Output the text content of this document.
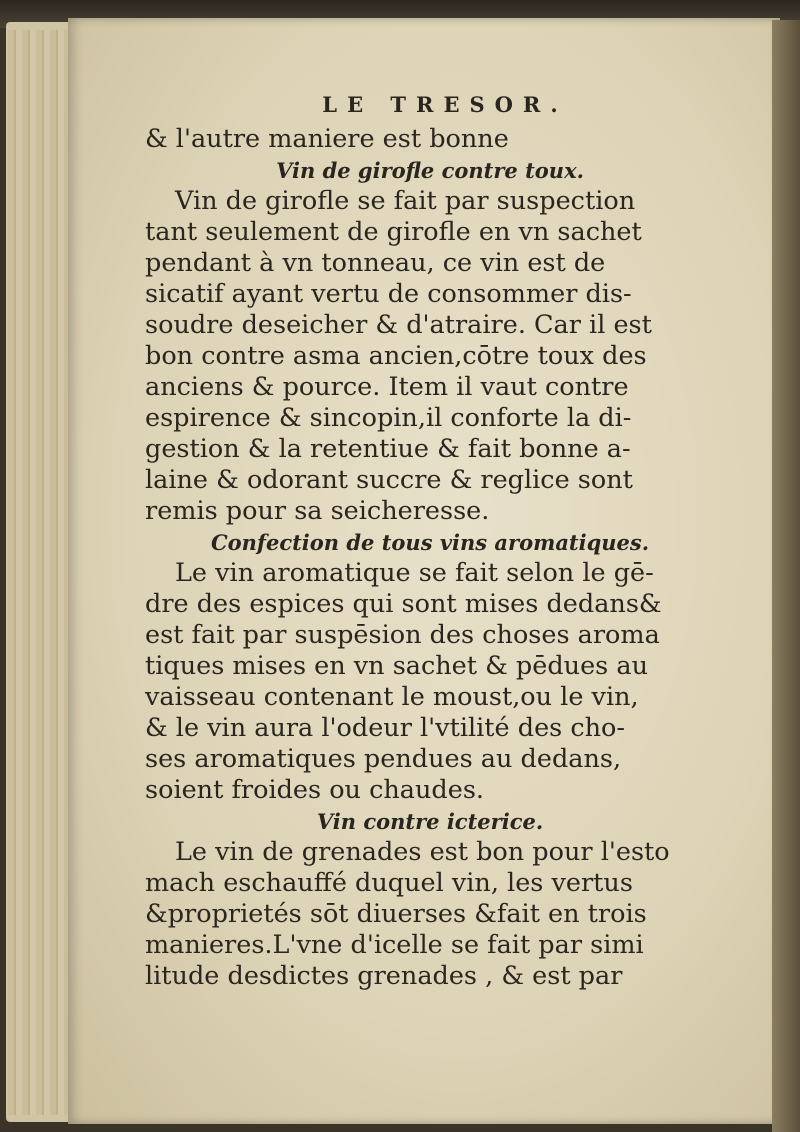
LE TRESOR.
& l'autre maniere est bonne
Vin de girofle contre toux.
Vin de girofle se fait par suspection
tant seulement de girofle en vn sachet
pendant à vn tonneau, ce vin est de
sicatif ayant vertu de consommer dis-
soudre deseicher & d'atraire. Car il est
bon contre asma ancien,cōtre toux des
anciens & pource. Item il vaut contre
espirence & sincopin,il conforte la di-
gestion & la retentiue & fait bonne a-
laine & odorant succre & reglice sont
remis pour sa seicheresse.
Confection de tous vins aromatiques.
Le vin aromatique se fait selon le gē-
dre des espices qui sont mises dedans&
est fait par suspēsion des choses aroma
tiques mises en vn sachet & pēdues au
vaisseau contenant le moust,ou le vin,
& le vin aura l'odeur l'vtilité des cho-
ses aromatiques pendues au dedans,
soient froides ou chaudes.
Vin contre icterice.
Le vin de grenades est bon pour l'esto
mach eschauffé duquel vin, les vertus
&proprietés sōt diuerses &fait en trois
manieres.L'vne d'icelle se fait par simi
litude desdictes grenades , & est par
